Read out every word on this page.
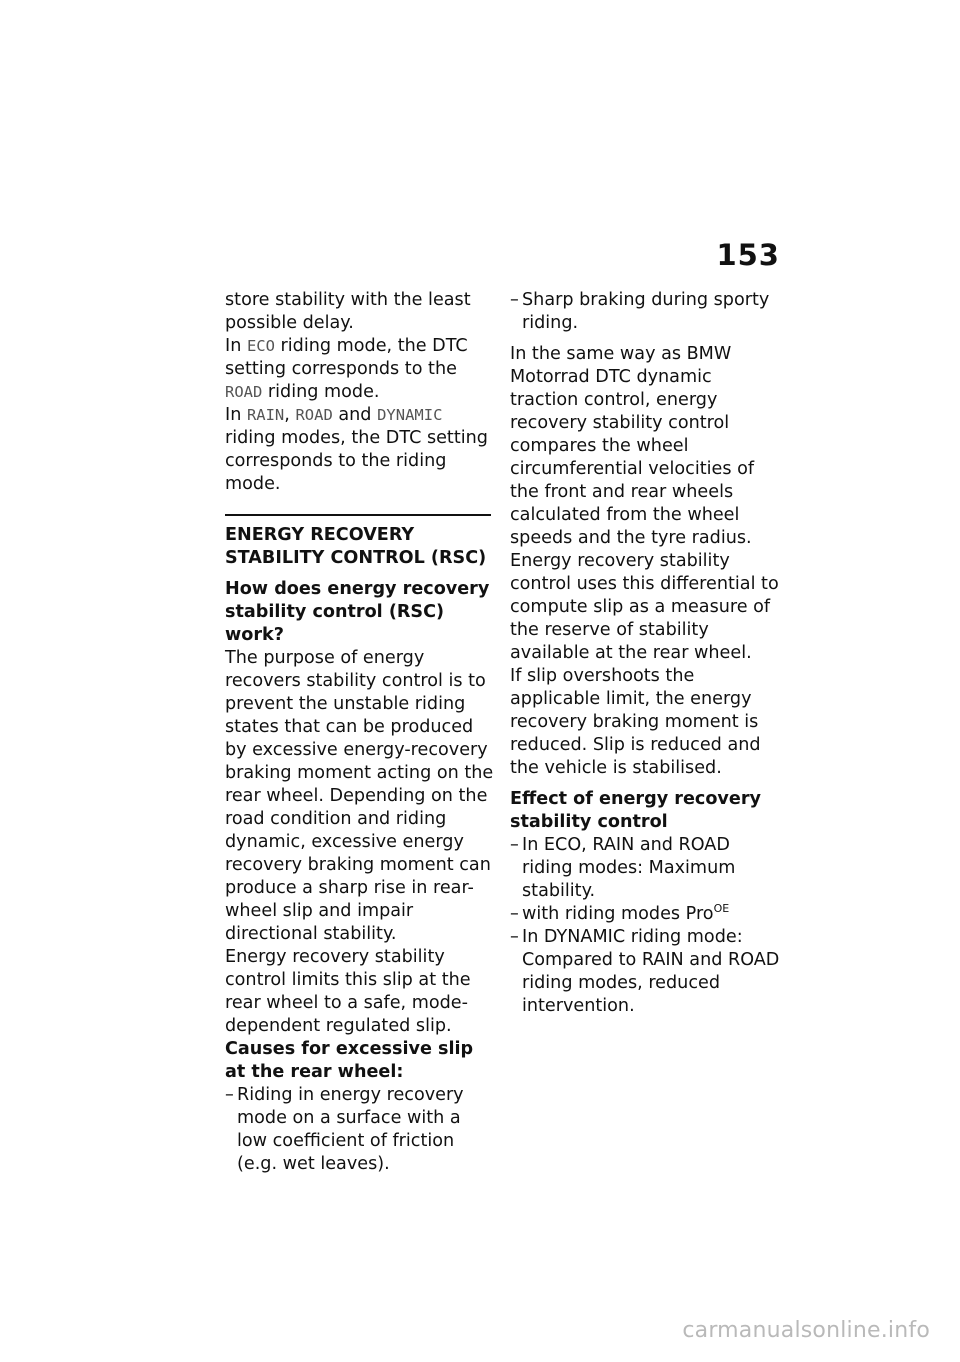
153

store stability with the least possible delay.

In ECO riding mode, the DTC setting corresponds to the ROAD riding mode.

In RAIN, ROAD and DYNAMIC riding modes, the DTC setting corresponds to the riding mode.

ENERGY RECOVERY STABILITY CONTROL (RSC)

How does energy recovery stability control (RSC) work?

The purpose of energy recovers stability control is to prevent the unstable riding states that can be produced by excessive energy-recovery braking moment acting on the rear wheel. Depending on the road condition and riding dynamic, excessive energy recovery braking moment can produce a sharp rise in rear-wheel slip and impair directional stability.

Energy recovery stability control limits this slip at the rear wheel to a safe, mode-dependent regulated slip.

Causes for excessive slip at the rear wheel:

– Riding in energy recovery mode on a surface with a low coefficient of friction (e.g. wet leaves).
– Sharp braking during sporty riding.

In the same way as BMW Motorrad DTC dynamic traction control, energy recovery stability control compares the wheel circumferential velocities of the front and rear wheels calculated from the wheel speeds and the tyre radius. Energy recovery stability control uses this differential to compute slip as a measure of the reserve of stability available at the rear wheel.

If slip overshoots the applicable limit, the energy recovery braking moment is reduced. Slip is reduced and the vehicle is stabilised.

Effect of energy recovery stability control

– In ECO, RAIN and ROAD riding modes: Maximum stability.
– with riding modes Pro$^{OE}$
– In DYNAMIC riding mode: Compared to RAIN and ROAD riding modes, reduced intervention.
carmanualsonline.info
